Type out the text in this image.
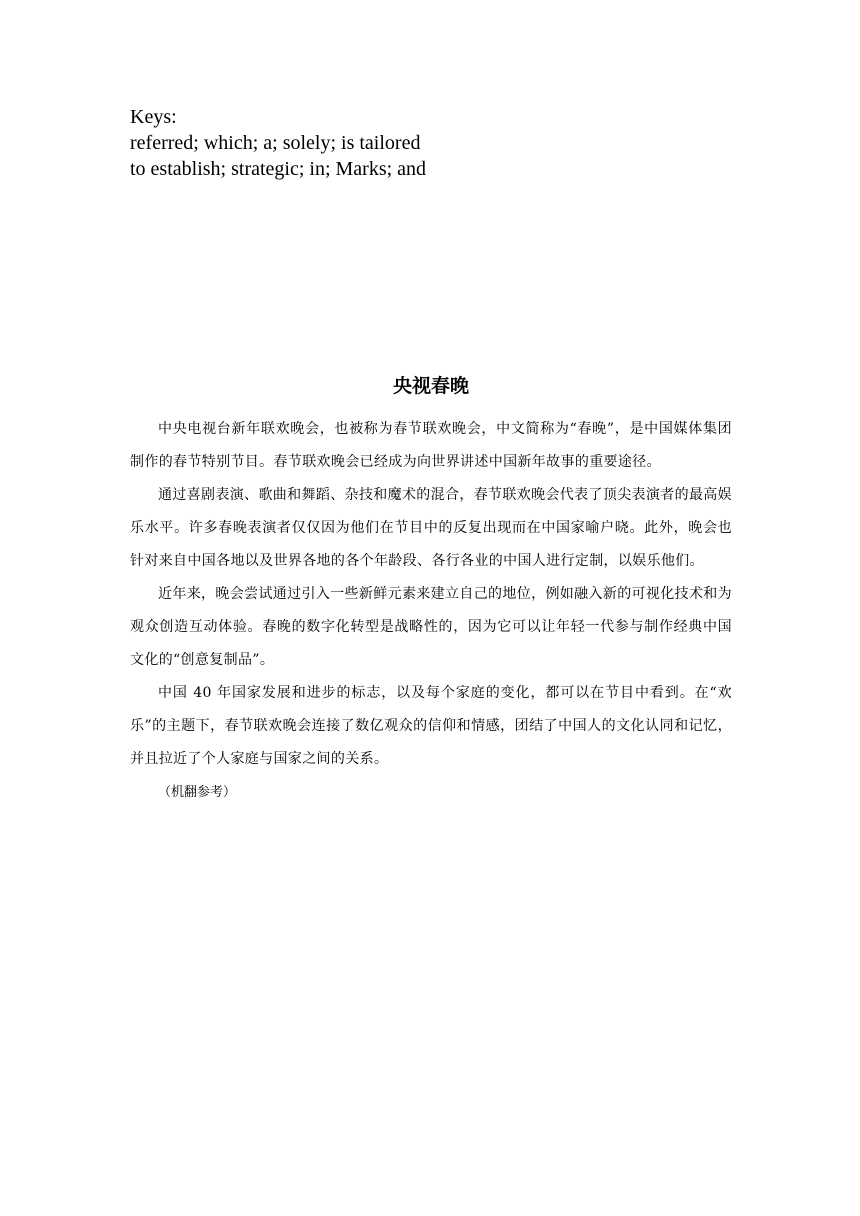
Keys:
referred; which; a; solely; is tailored
to establish; strategic; in; Marks; and
央视春晚

中央电视台新年联欢晚会，也被称为春节联欢晚会，中文简称为“春晚”，是中国媒体集团制作的春节特别节目。春节联欢晚会已经成为向世界讲述中国新年故事的重要途径。

通过喜剧表演、歌曲和舞蹈、杂技和魔术的混合，春节联欢晚会代表了顶尖表演者的最高娱乐水平。许多春晚表演者仅仅因为他们在节目中的反复出现而在中国家喻户晓。此外，晚会也针对来自中国各地以及世界各地的各个年龄段、各行各业的中国人进行定制，以娱乐他们。

近年来，晚会尝试通过引入一些新鲜元素来建立自己的地位，例如融入新的可视化技术和为观众创造互动体验。春晚的数字化转型是战略性的，因为它可以让年轻一代参与制作经典中国文化的“创意复制品”。

中国 40 年国家发展和进步的标志，以及每个家庭的变化，都可以在节目中看到。在“欢乐”的主题下，春节联欢晚会连接了数亿观众的信仰和情感，团结了中国人的文化认同和记忆，并且拉近了个人家庭与国家之间的关系。

（机翻参考）
